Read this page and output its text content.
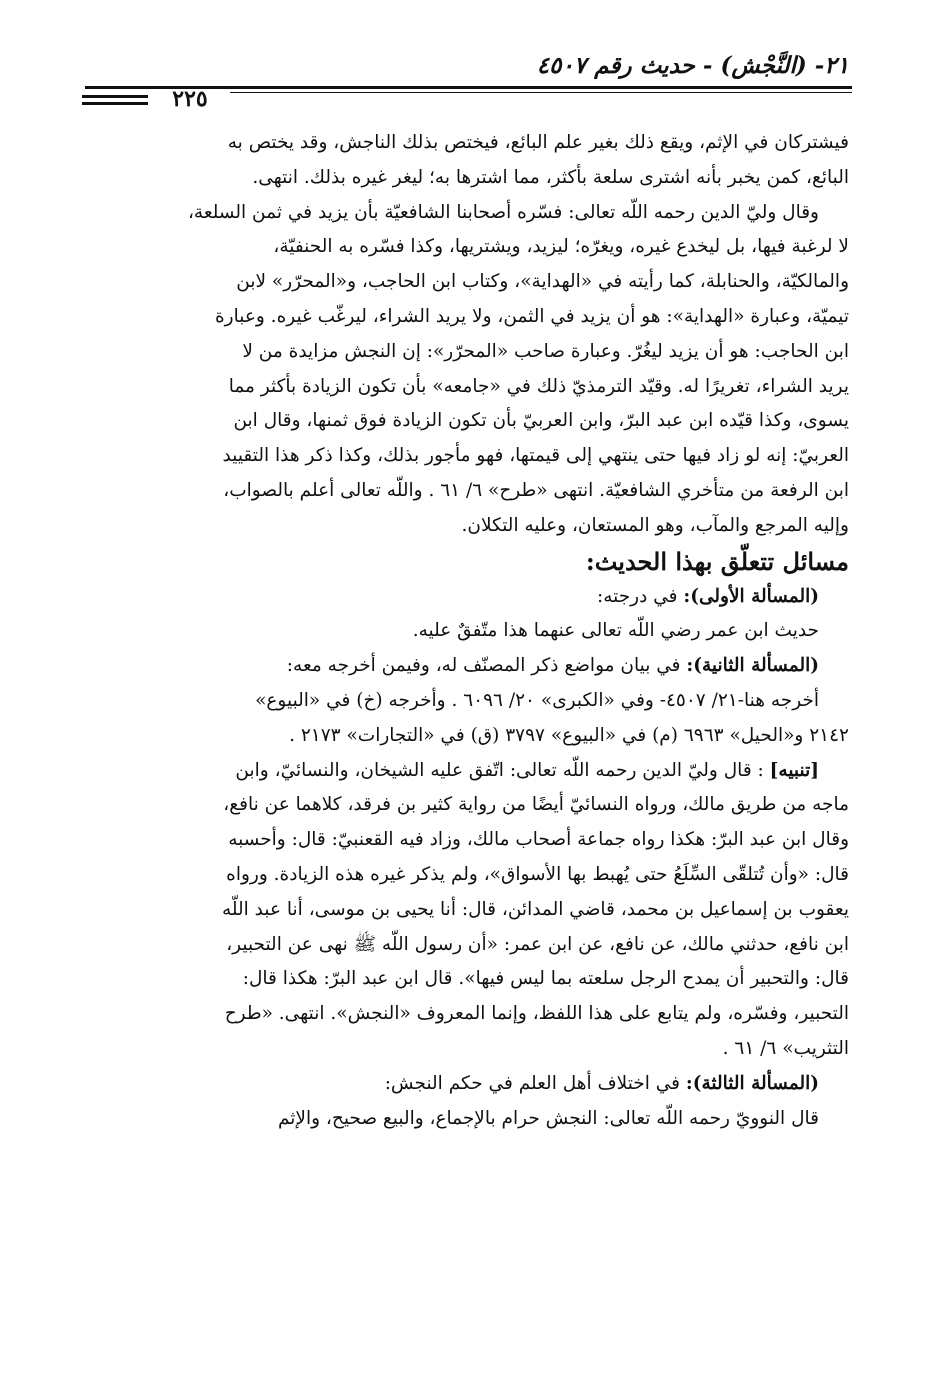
٢١- (النَّجْش) - حديث رقم ٤٥٠٧
٢٢٥
فيشتركان في الإثم، ويقع ذلك بغير علم البائع، فيختص بذلك الناجش، وقد يختص به
البائع، كمن يخبر بأنه اشترى سلعة بأكثر، مما اشترها به؛ ليغر غيره بذلك. انتهى.
وقال وليّ الدين رحمه اللّه تعالى: فسّره أصحابنا الشافعيّة بأن يزيد في ثمن السلعة،
لا لرغبة فيها، بل ليخدع غيره، ويغرّه؛ ليزيد، ويشتريها، وكذا فسّره به الحنفيّة،
والمالكيّة، والحنابلة، كما رأيته في «الهداية»، وكتاب ابن الحاجب، و«المحرّر» لابن
تيميّة، وعبارة «الهداية»: هو أن يزيد في الثمن، ولا يريد الشراء، ليرغّب غيره. وعبارة
ابن الحاجب: هو أن يزيد ليغُرّ. وعبارة صاحب «المحرّر»: إن النجش مزايدة من لا
يريد الشراء، تغريرًا له. وقيّد الترمذيّ ذلك في «جامعه» بأن تكون الزيادة بأكثر مما
يسوى، وكذا قيّده ابن عبد البرّ، وابن العربيّ بأن تكون الزيادة فوق ثمنها، وقال ابن
العربيّ: إنه لو زاد فيها حتى ينتهي إلى قيمتها، فهو مأجور بذلك، وكذا ذكر هذا التقييد
ابن الرفعة من متأخري الشافعيّة. انتهى «طرح» ٦/ ٦١ . واللّه تعالى أعلم بالصواب،
وإليه المرجع والمآب، وهو المستعان، وعليه التكلان.
مسائل تتعلّق بهذا الحديث:
(المسألة الأولى): في درجته:
حديث ابن عمر رضي اللّه تعالى عنهما هذا متّفقٌ عليه.
(المسألة الثانية): في بيان مواضع ذكر المصنّف له، وفيمن أخرجه معه:
أخرجه هنا-٢١/ ٤٥٠٧- وفي «الكبرى» ٢٠/ ٦٠٩٦ . وأخرجه (خ) في «البيوع»
٢١٤٢ و«الحيل» ٦٩٦٣ (م) في «البيوع» ٣٧٩٧ (ق) في «التجارات» ٢١٧٣ .
[تنبيه] : قال وليّ الدين رحمه اللّه تعالى: اتّفق عليه الشيخان، والنسائيّ، وابن
ماجه من طريق مالك، ورواه النسائيّ أيضًا من رواية كثير بن فرقد، كلاهما عن نافع،
وقال ابن عبد البرّ: هكذا رواه جماعة أصحاب مالك، وزاد فيه القعنبيّ: قال: وأحسبه
قال: «وأن تُتلقّى السِّلَعُ حتى يُهبط بها الأسواق»، ولم يذكر غيره هذه الزيادة. ورواه
يعقوب بن إسماعيل بن محمد، قاضي المدائن، قال: أنا يحيى بن موسى، أنا عبد اللّه
ابن نافع، حدثني مالك، عن نافع، عن ابن عمر: «أن رسول اللّه ﷺ نهى عن التحبير،
قال: والتحبير أن يمدح الرجل سلعته بما ليس فيها». قال ابن عبد البرّ: هكذا قال:
التحبير، وفسّره، ولم يتابع على هذا اللفظ، وإنما المعروف «النجش». انتهى. «طرح
التثريب» ٦/ ٦١ .
(المسألة الثالثة): في اختلاف أهل العلم في حكم النجش:
قال النوويّ رحمه اللّه تعالى: النجش حرام بالإجماع، والبيع صحيح، والإثم
